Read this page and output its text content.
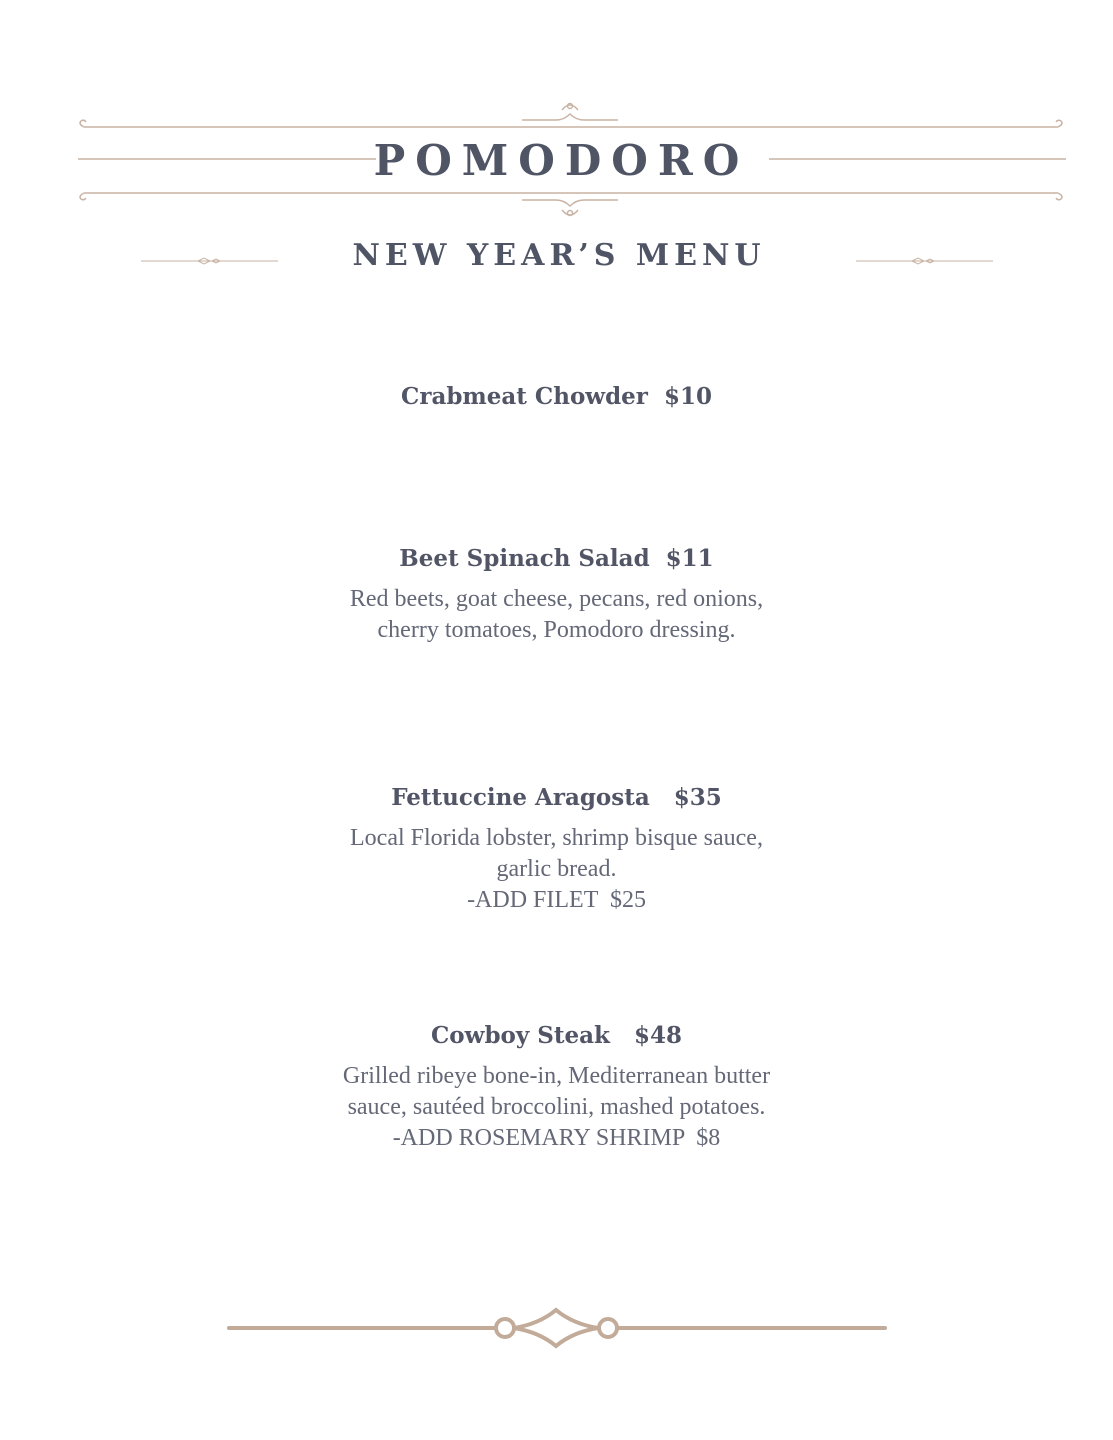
POMODORO
NEW YEAR’S MENU
Crabmeat Chowder  $10
Beet Spinach Salad  $11
Red beets, goat cheese, pecans, red onions, cherry tomatoes, Pomodoro dressing.
Fettuccine Aragosta   $35
Local Florida lobster, shrimp bisque sauce, garlic bread.
-ADD FILET  $25
Cowboy Steak   $48
Grilled ribeye bone-in, Mediterranean butter sauce, sautéed broccolini, mashed potatoes.
-ADD ROSEMARY SHRIMP  $8
